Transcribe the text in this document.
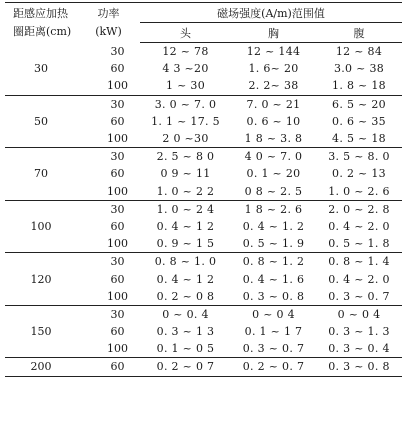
距感应加热
圈距离(cm)	功率
(kW)	磁场强度(A/m)范围值		
		头	胸	腹
30	30	12 ~ 78	12 ~ 144	12 ~ 84
	60	4 3 ~20	1. 6~ 20	3.0 ~ 38
	100	1 ~ 30	2. 2~ 38	1. 8 ~ 18
50	30	3. 0 ~ 7. 0	7. 0 ~ 21	6. 5 ~ 20
	60	1. 1 ~ 17. 5	0. 6 ~ 10	0. 6 ~ 35
	100	2 0 ~30	1 8 ~ 3. 8	4. 5 ~ 18
70	30	2. 5 ~ 8 0	4 0 ~ 7. 0	3. 5 ~ 8. 0
	60	0 9 ~ 11	0. 1 ~ 20	0. 2 ~ 13
	100	1. 0 ~ 2 2	0 8 ~ 2. 5	1. 0 ~ 2. 6
100	30	1. 0 ~ 2 4	1 8 ~ 2. 6	2. 0 ~ 2. 8
	60	0. 4 ~ 1 2	0. 4 ~ 1. 2	0. 4 ~ 2. 0
	100	0. 9 ~ 1 5	0. 5 ~ 1. 9	0. 5 ~ 1. 8
120	30	0. 8 ~ 1. 0	0. 8 ~ 1. 2	0. 8 ~ 1. 4
	60	0. 4 ~ 1 2	0. 4 ~ 1. 6	0. 4 ~ 2. 0
	100	0. 2 ~ 0 8	0. 3 ~ 0. 8	0. 3 ~ 0. 7
150	30	0 ~ 0. 4	0 ~ 0 4	0 ~ 0 4
	60	0. 3 ~ 1 3	0. 1 ~ 1 7	0. 3 ~ 1. 3
	100	0. 1 ~ 0 5	0. 3 ~ 0. 7	0. 3 ~ 0. 4
200	60	0. 2 ~ 0 7	0. 2 ~ 0. 7	0. 3 ~ 0. 8
